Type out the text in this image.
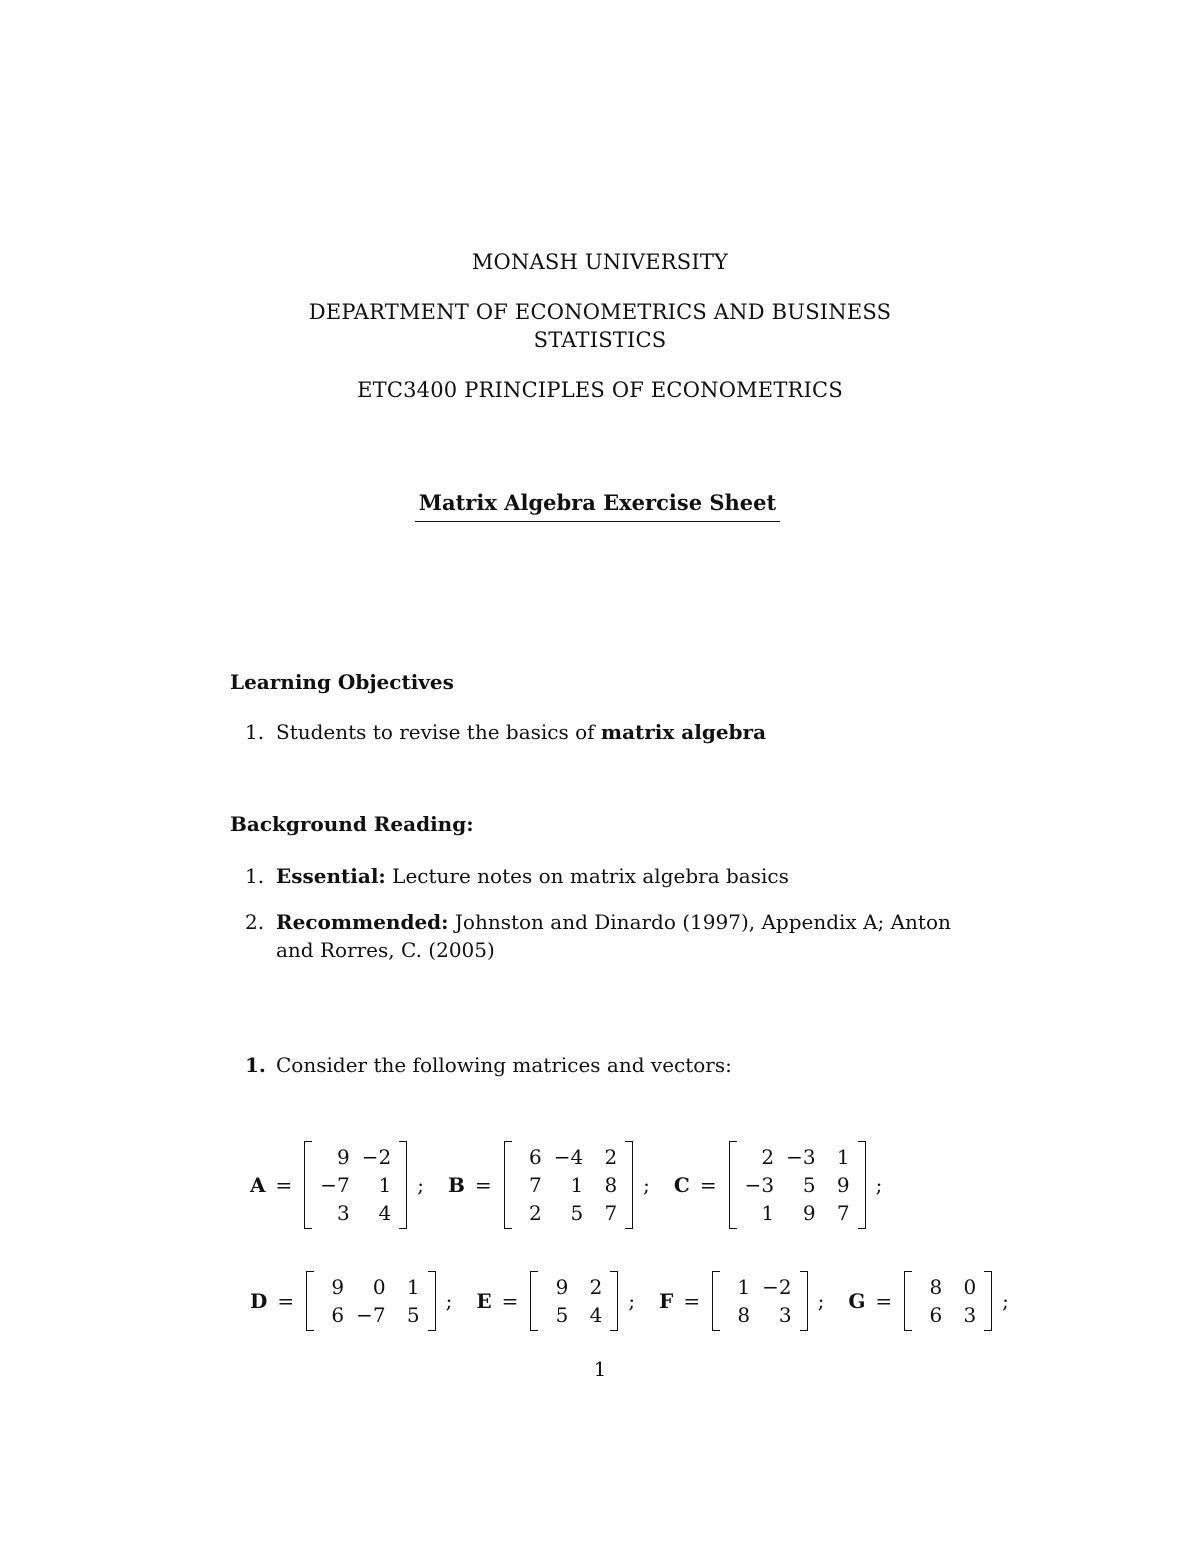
MONASH UNIVERSITY
DEPARTMENT OF ECONOMETRICS AND BUSINESS
STATISTICS
ETC3400 PRINCIPLES OF ECONOMETRICS
Matrix Algebra Exercise Sheet
Learning Objectives
1. Students to revise the basics of matrix algebra
Background Reading:
1. Essential: Lecture notes on matrix algebra basics
2. Recommended: Johnston and Dinardo (1997), Appendix A; Anton and Rorres, C. (2005)
1. Consider the following matrices and vectors:
A =
9 −2
−7	1
3	4
; B =
6 −4	2
7	1	8
2	5	7
; C =
2 −3	1
−3	5	9
1	9	7
;
D =
9	0	1
6 −7	5
; E =
9	2
5	4
; F =
1 −2
8	3
; G =
8	0
6	3
;
1
